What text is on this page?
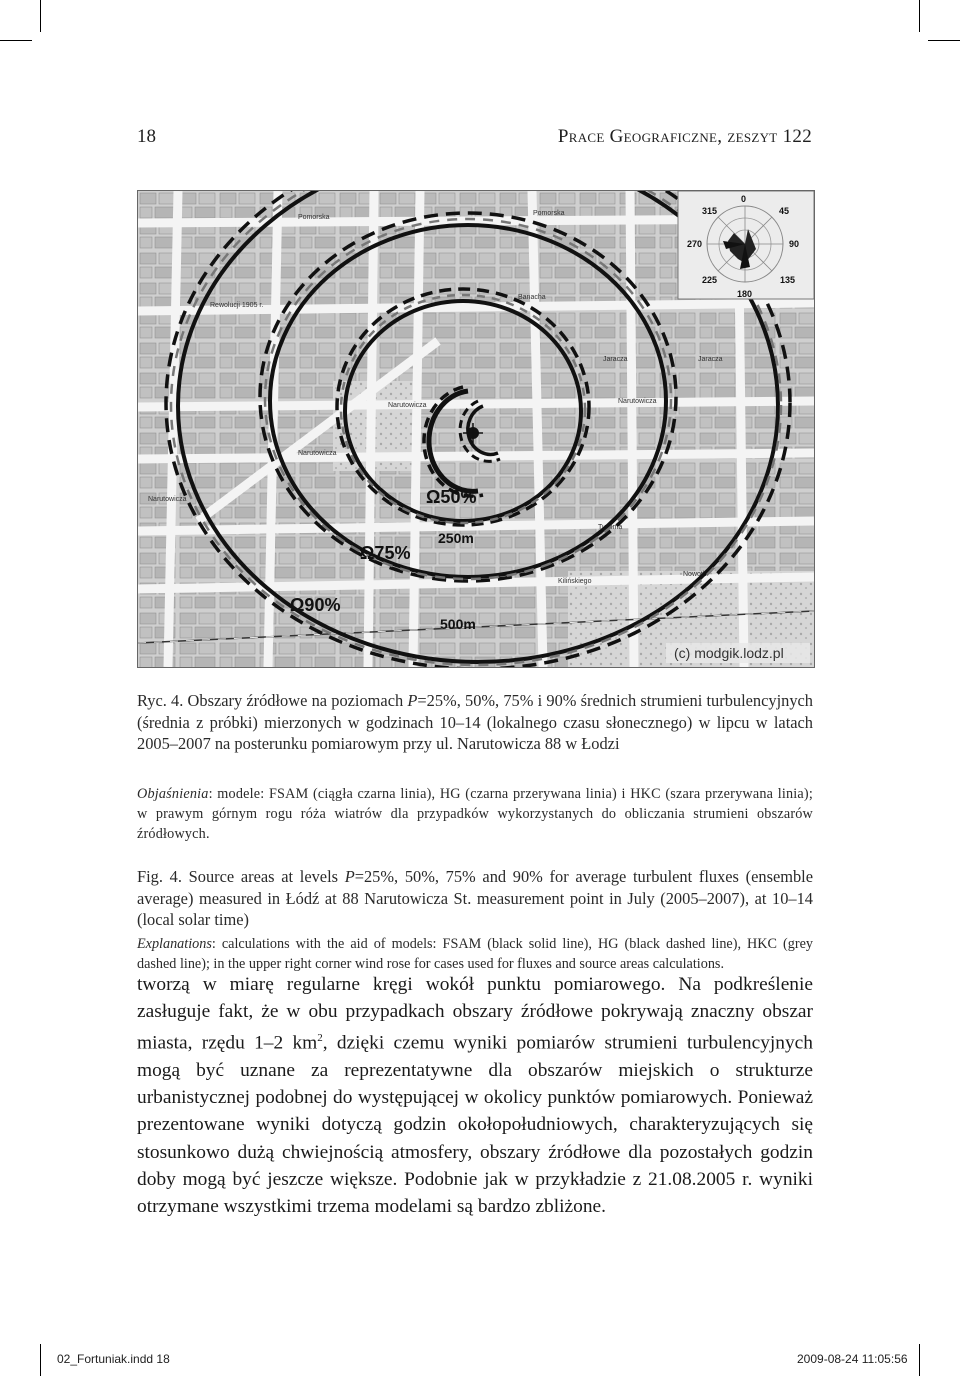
18	Prace Geograficzne, zeszyt 122
Pomorska
Pomorska
Rewolucji 1905 r.
Banacha
Jaracza	Jaracza
Narutowicza
Narutowicza
Narutowicza
Narutowicza
Tuwima
Kilińskiego
Nowotki
Ω50%
Ω75%
Ω90%
250m
500m
(c) modgik.lodz.pl
0
45
90
135
180
225
270
315
Ryc. 4. Obszary źródłowe na poziomach P=25%, 50%, 75% i 90% średnich strumieni turbulencyjnych (średnia z próbki) mierzonych w godzinach 10–14 (lokalnego czasu słonecznego) w lipcu w latach 2005–2007 na posterunku pomiarowym przy ul. Narutowicza 88 w Łodzi
Objaśnienia: modele: FSAM (ciągła czarna linia), HG (czarna przerywana linia) i HKC (szara przerywana linia); w prawym górnym rogu róża wiatrów dla przypadków wykorzystanych do obliczania strumieni obszarów źródłowych.
Fig. 4. Source areas at levels P=25%, 50%, 75% and 90% for average turbulent fluxes (ensemble average) measured in Łódź at 88 Narutowicza St. measurement point in July (2005–2007), at 10–14 (local solar time)
Explanations: calculations with the aid of models: FSAM (black solid line), HG (black dashed line), HKC (grey dashed line); in the upper right corner wind rose for cases used for fluxes and source areas calculations.
tworzą w miarę regularne kręgi wokół punktu pomiarowego. Na podkreślenie zasługuje fakt, że w obu przypadkach obszary źródłowe pokrywają znaczny obszar miasta, rzędu 1–2 $km^2$, dzięki czemu wyniki pomiarów strumieni turbulencyjnych mogą być uznane za reprezentatywne dla obszarów miejskich o strukturze urbanistycznej podobnej do występującej w okolicy punktów pomiarowych. Ponieważ prezentowane wyniki dotyczą godzin okołopołudniowych, charakteryzujących się stosunkowo dużą chwiejnością atmosfery, obszary źródłowe dla pozostałych godzin doby mogą być jeszcze większe. Podobnie jak w przykładzie z 21.08.2005 r. wyniki otrzymane wszystkimi trzema modelami są bardzo zbliżone.
02_Fortuniak.indd 18	2009-08-24 11:05:56
